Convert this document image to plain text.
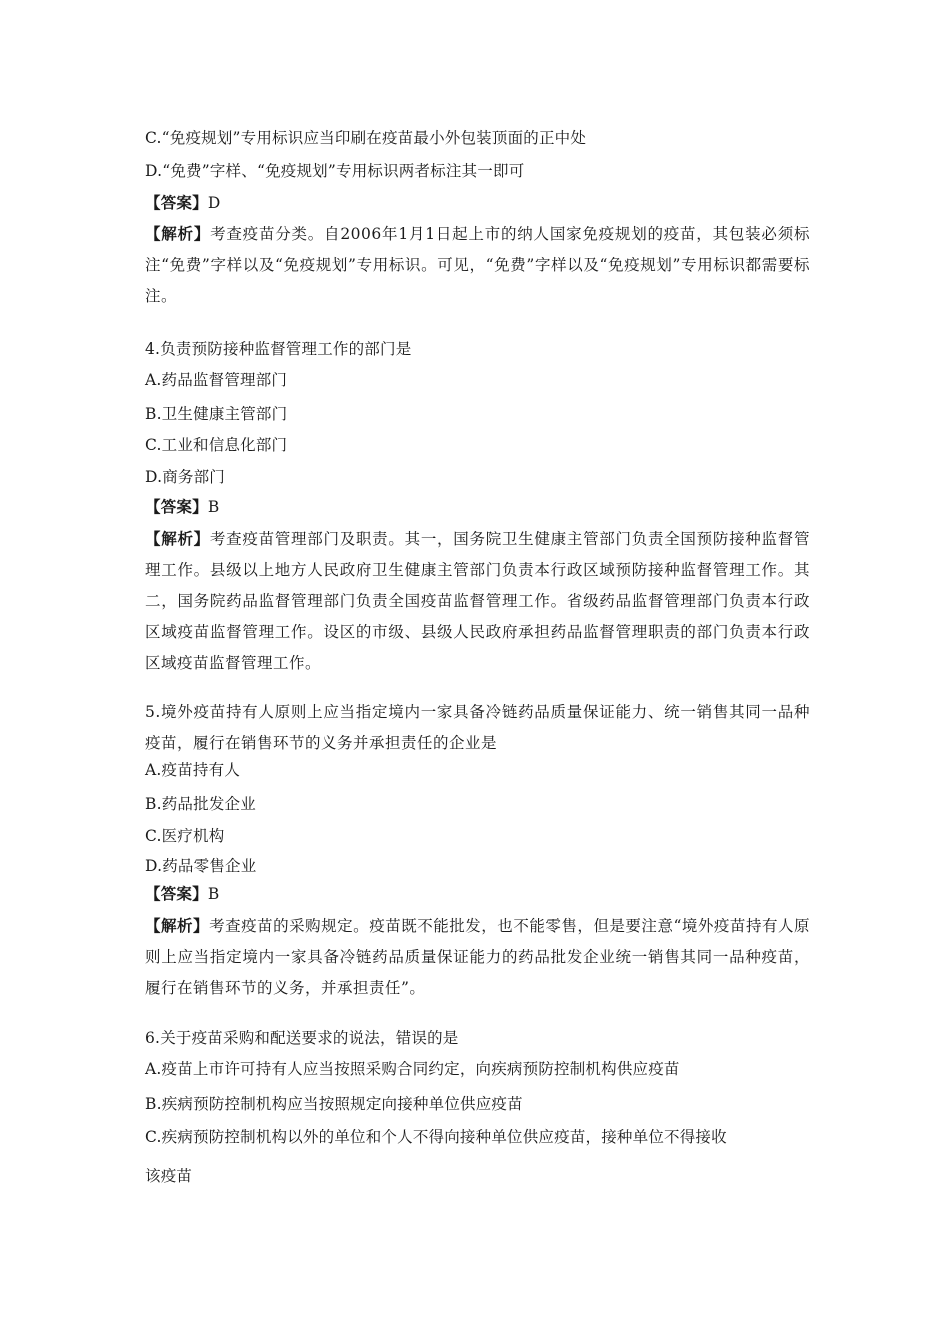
C.“免疫规划”专用标识应当印刷在疫苗最小外包装顶面的正中处
D.“免费”字样、“免疫规划”专用标识两者标注其一即可
【答案】D
【解析】考查疫苗分类。自2006年1月1日起上市的纳人国家免疫规划的疫苗，其包装必须标注“免费”字样以及“免疫规划”专用标识。可见，“免费”字样以及“免疫规划”专用标识都需要标注。
4.负责预防接种监督管理工作的部门是
A.药品监督管理部门
B.卫生健康主管部门
C.工业和信息化部门
D.商务部门
【答案】B
【解析】考查疫苗管理部门及职责。其一，国务院卫生健康主管部门负责全国预防接种监督管理工作。县级以上地方人民政府卫生健康主管部门负责本行政区域预防接种监督管理工作。其二，国务院药品监督管理部门负责全国疫苗监督管理工作。省级药品监督管理部门负责本行政区域疫苗监督管理工作。设区的市级、县级人民政府承担药品监督管理职责的部门负责本行政区域疫苗监督管理工作。
5.境外疫苗持有人原则上应当指定境内一家具备冷链药品质量保证能力、统一销售其同一品种疫苗，履行在销售环节的义务并承担责任的企业是
A.疫苗持有人
B.药品批发企业
C.医疗机构
D.药品零售企业
【答案】B
【解析】考查疫苗的采购规定。疫苗既不能批发，也不能零售，但是要注意“境外疫苗持有人原则上应当指定境内一家具备冷链药品质量保证能力的药品批发企业统一销售其同一品种疫苗，履行在销售环节的义务，并承担责任”。
6.关于疫苗采购和配送要求的说法，错误的是
A.疫苗上市许可持有人应当按照采购合同约定，向疾病预防控制机构供应疫苗
B.疾病预防控制机构应当按照规定向接种单位供应疫苗
C.疾病预防控制机构以外的单位和个人不得向接种单位供应疫苗，接种单位不得接收
该疫苗
